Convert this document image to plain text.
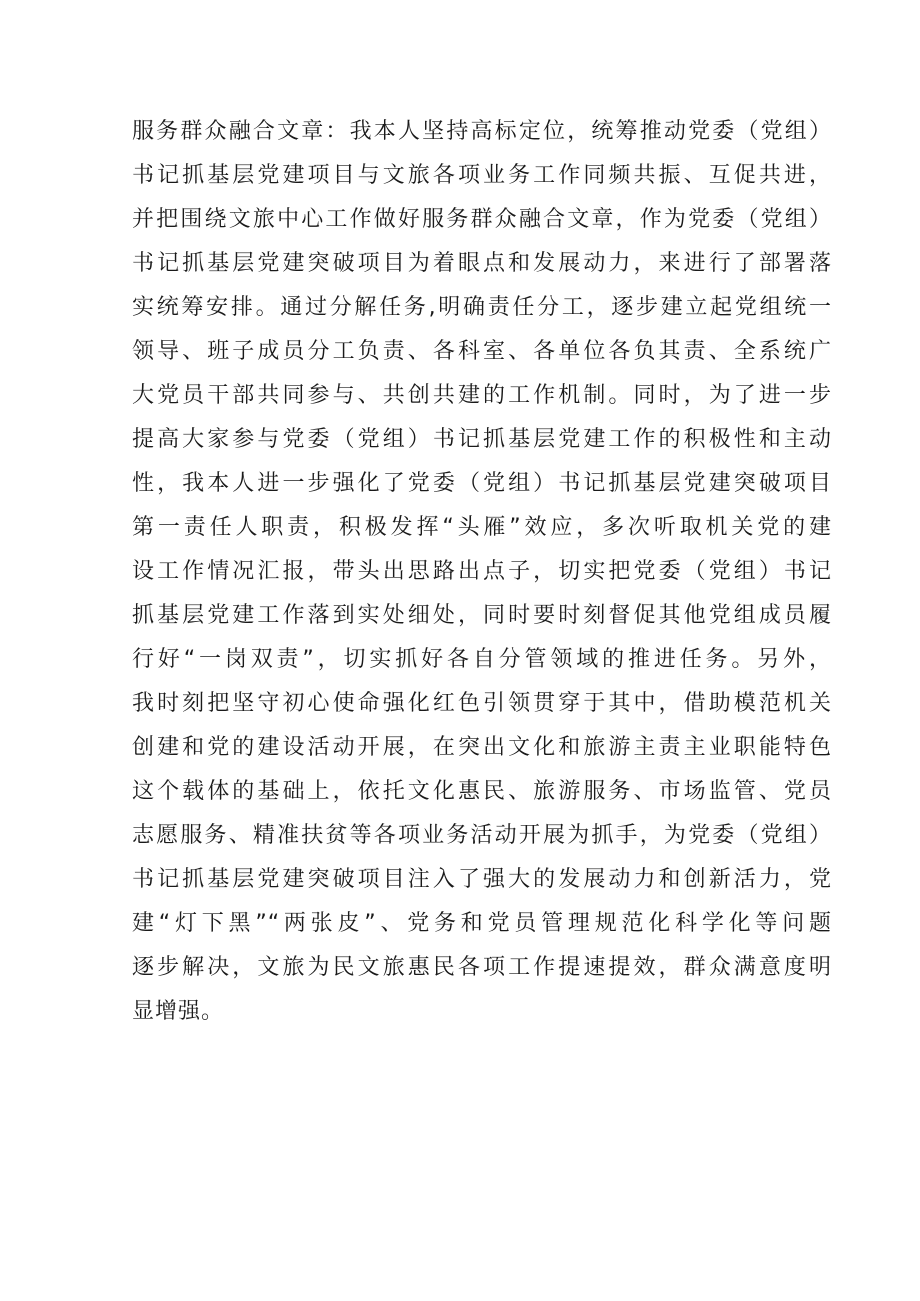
服务群众融合文章：我本人坚持高标定位，统筹推动党委（党组）
书记抓基层党建项目与文旅各项业务工作同频共振、互促共进，
并把围绕文旅中心工作做好服务群众融合文章，作为党委（党组）
书记抓基层党建突破项目为着眼点和发展动力，来进行了部署落
实统筹安排。通过分解任务,明确责任分工，逐步建立起党组统一
领导、班子成员分工负责、各科室、各单位各负其责、全系统广
大党员干部共同参与、共创共建的工作机制。同时，为了进一步
提高大家参与党委（党组）书记抓基层党建工作的积极性和主动
性，我本人进一步强化了党委（党组）书记抓基层党建突破项目
第一责任人职责，积极发挥“头雁”效应，多次听取机关党的建
设工作情况汇报，带头出思路出点子，切实把党委（党组）书记
抓基层党建工作落到实处细处，同时要时刻督促其他党组成员履
行好“一岗双责”，切实抓好各自分管领域的推进任务。另外，
我时刻把坚守初心使命强化红色引领贯穿于其中，借助模范机关
创建和党的建设活动开展，在突出文化和旅游主责主业职能特色
这个载体的基础上，依托文化惠民、旅游服务、市场监管、党员
志愿服务、精准扶贫等各项业务活动开展为抓手，为党委（党组）
书记抓基层党建突破项目注入了强大的发展动力和创新活力，党
建“灯下黑”“两张皮”、党务和党员管理规范化科学化等问题
逐步解决，文旅为民文旅惠民各项工作提速提效，群众满意度明
显增强。
